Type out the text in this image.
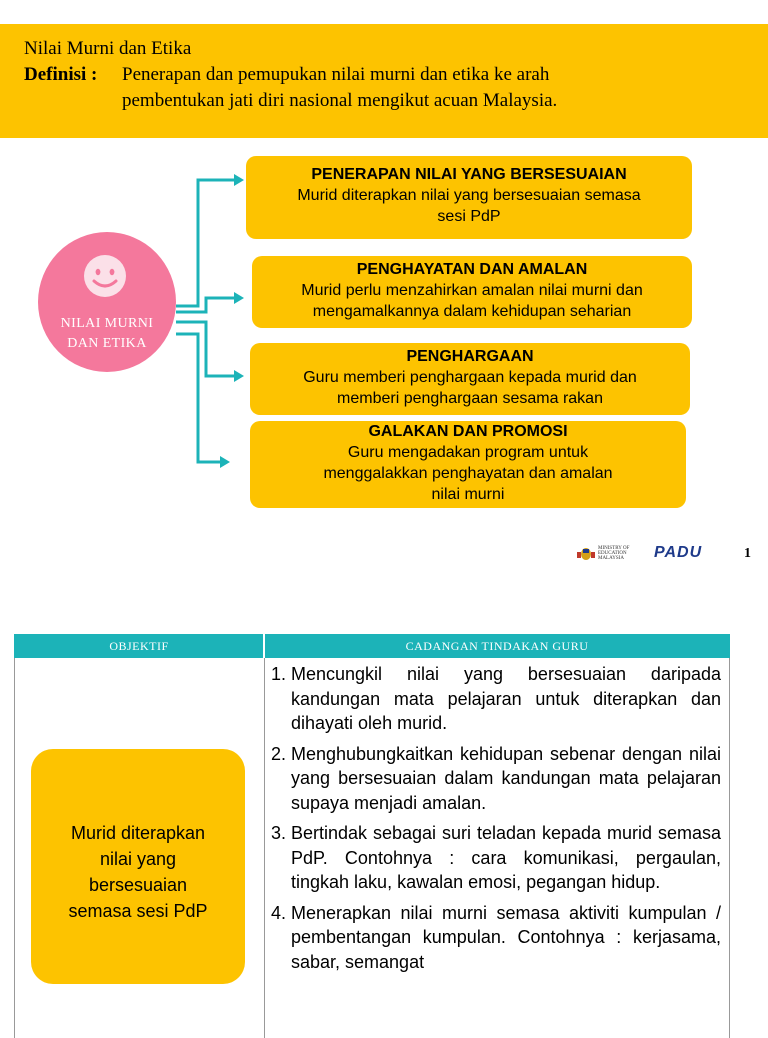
Nilai Murni dan Etika
Definisi : Penerapan dan pemupukan nilai murni dan etika ke arah
pembentukan jati diri nasional mengikut acuan Malaysia.
NILAI MURNI
DAN ETIKA
PENERAPAN NILAI YANG BERSESUAIAN
Murid diterapkan nilai yang bersesuaian semasa
sesi PdP
PENGHAYATAN DAN AMALAN
Murid perlu menzahirkan amalan nilai murni dan
mengamalkannya dalam kehidupan seharian
PENGHARGAAN
Guru memberi penghargaan kepada murid dan
memberi penghargaan sesama rakan
GALAKAN DAN PROMOSI
Guru mengadakan program untuk
menggalakkan penghayatan dan amalan
nilai murni
MINISTRY OF EDUCATION MALAYSIA	PADU	1
OBJEKTIF	CADANGAN TINDAKAN GURU
Murid diterapkan
nilai yang
bersesuaian
semasa sesi PdP
1. Mencungkil nilai yang bersesuaian daripada kandungan mata pelajaran untuk diterapkan dan dihayati oleh murid.
2. Menghubungkaitkan kehidupan sebenar dengan nilai yang bersesuaian dalam kandungan mata pelajaran supaya menjadi amalan.
3. Bertindak sebagai suri teladan kepada murid semasa PdP. Contohnya : cara komunikasi, pergaulan, tingkah laku, kawalan emosi, pegangan hidup.
4. Menerapkan nilai murni semasa aktiviti kumpulan / pembentangan kumpulan. Contohnya : kerjasama, sabar, semangat
